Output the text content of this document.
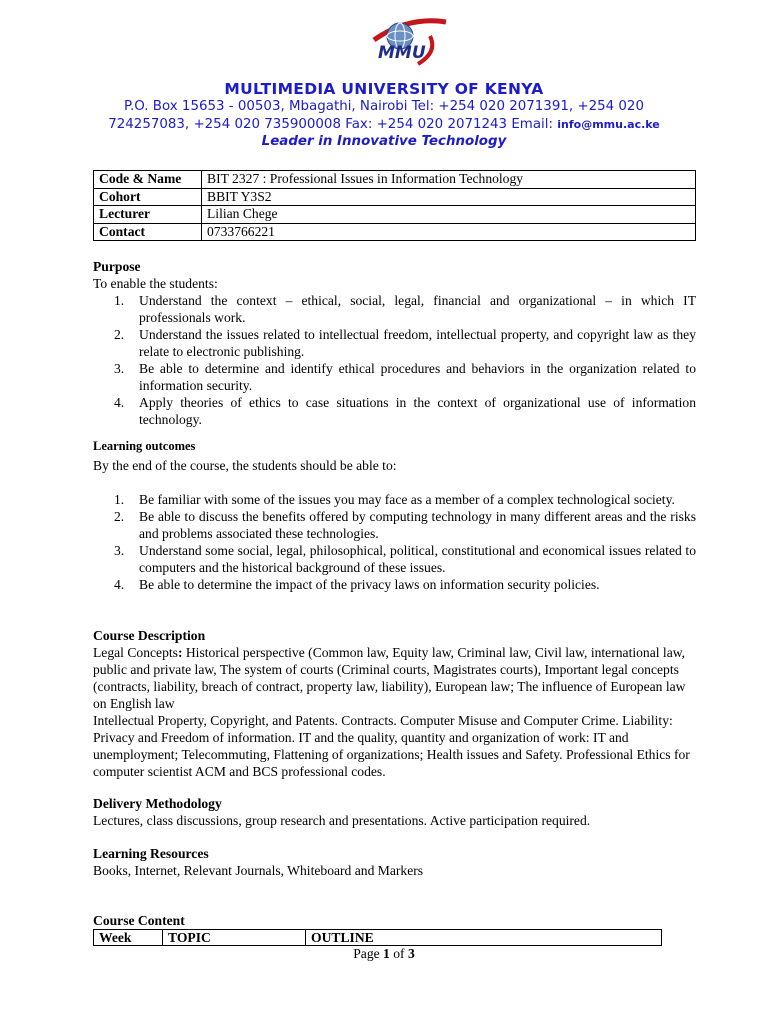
MMU
MULTIMEDIA UNIVERSITY OF KENYA
P.O. Box 15653 - 00503, Mbagathi, Nairobi Tel: +254 020 2071391, +254 020
724257083, +254 020 735900008 Fax: +254 020 2071243 Email: info@mmu.ac.ke
Leader in Innovative Technology
Code & Name	BIT 2327 : Professional Issues in Information Technology
Cohort	BBIT Y3S2
Lecturer	Lilian Chege
Contact	0733766221
Purpose
To enable the students:
1. Understand the context – ethical, social, legal, financial and organizational – in which IT professionals work.
2. Understand the issues related to intellectual freedom, intellectual property, and copyright law as they relate to electronic publishing.
3. Be able to determine and identify ethical procedures and behaviors in the organization related to information security.
4. Apply theories of ethics to case situations in the context of organizational use of information technology.
Learning outcomes
By the end of the course, the students should be able to:
1. Be familiar with some of the issues you may face as a member of a complex technological society.
2. Be able to discuss the benefits offered by computing technology in many different areas and the risks and problems associated these technologies.
3. Understand some social, legal, philosophical, political, constitutional and economical issues related to computers and the historical background of these issues.
4. Be able to determine the impact of the privacy laws on information security policies.
Course Description
Legal Concepts: Historical perspective (Common law, Equity law, Criminal law, Civil law, international law, public and private law, The system of courts (Criminal courts, Magistrates courts), Important legal concepts (contracts, liability, breach of contract, property law, liability), European law; The influence of European law on English law
Intellectual Property, Copyright, and Patents. Contracts. Computer Misuse and Computer Crime. Liability: Privacy and Freedom of information. IT and the quality, quantity and organization of work: IT and unemployment; Telecommuting, Flattening of organizations; Health issues and Safety. Professional Ethics for computer scientist ACM and BCS professional codes.
Delivery Methodology
Lectures, class discussions, group research and presentations. Active participation required.
Learning Resources
Books, Internet, Relevant Journals, Whiteboard and Markers
Course Content
Week	TOPIC	OUTLINE
Page 1 of 3
